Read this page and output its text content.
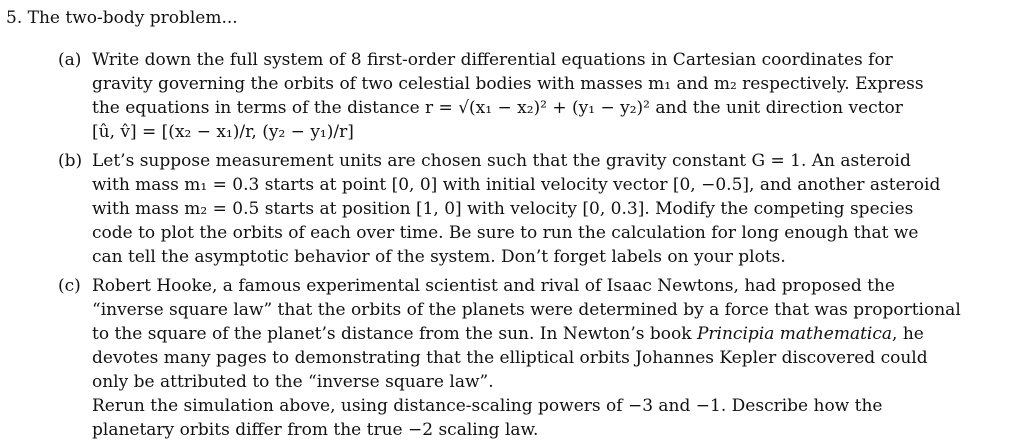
5. The two-body problem...
(a) Write down the full system of 8 first-order differential equations in Cartesian coordinates for
gravity governing the orbits of two celestial bodies with masses m₁ and m₂ respectively. Express
the equations in terms of the distance r = √(x₁ − x₂)² + (y₁ − y₂)² and the unit direction vector
[û, v̂] = [(x₂ − x₁)/r, (y₂ − y₁)/r]
(b) Let’s suppose measurement units are chosen such that the gravity constant G = 1. An asteroid
with mass m₁ = 0.3 starts at point [0, 0] with initial velocity vector [0, −0.5], and another asteroid
with mass m₂ = 0.5 starts at position [1, 0] with velocity [0, 0.3]. Modify the competing species
code to plot the orbits of each over time. Be sure to run the calculation for long enough that we
can tell the asymptotic behavior of the system. Don’t forget labels on your plots.
(c) Robert Hooke, a famous experimental scientist and rival of Isaac Newtons, had proposed the
“inverse square law” that the orbits of the planets were determined by a force that was proportional
to the square of the planet’s distance from the sun. In Newton’s book Principia mathematica, he
devotes many pages to demonstrating that the elliptical orbits Johannes Kepler discovered could
only be attributed to the “inverse square law”.
Rerun the simulation above, using distance-scaling powers of −3 and −1. Describe how the
planetary orbits differ from the true −2 scaling law.
